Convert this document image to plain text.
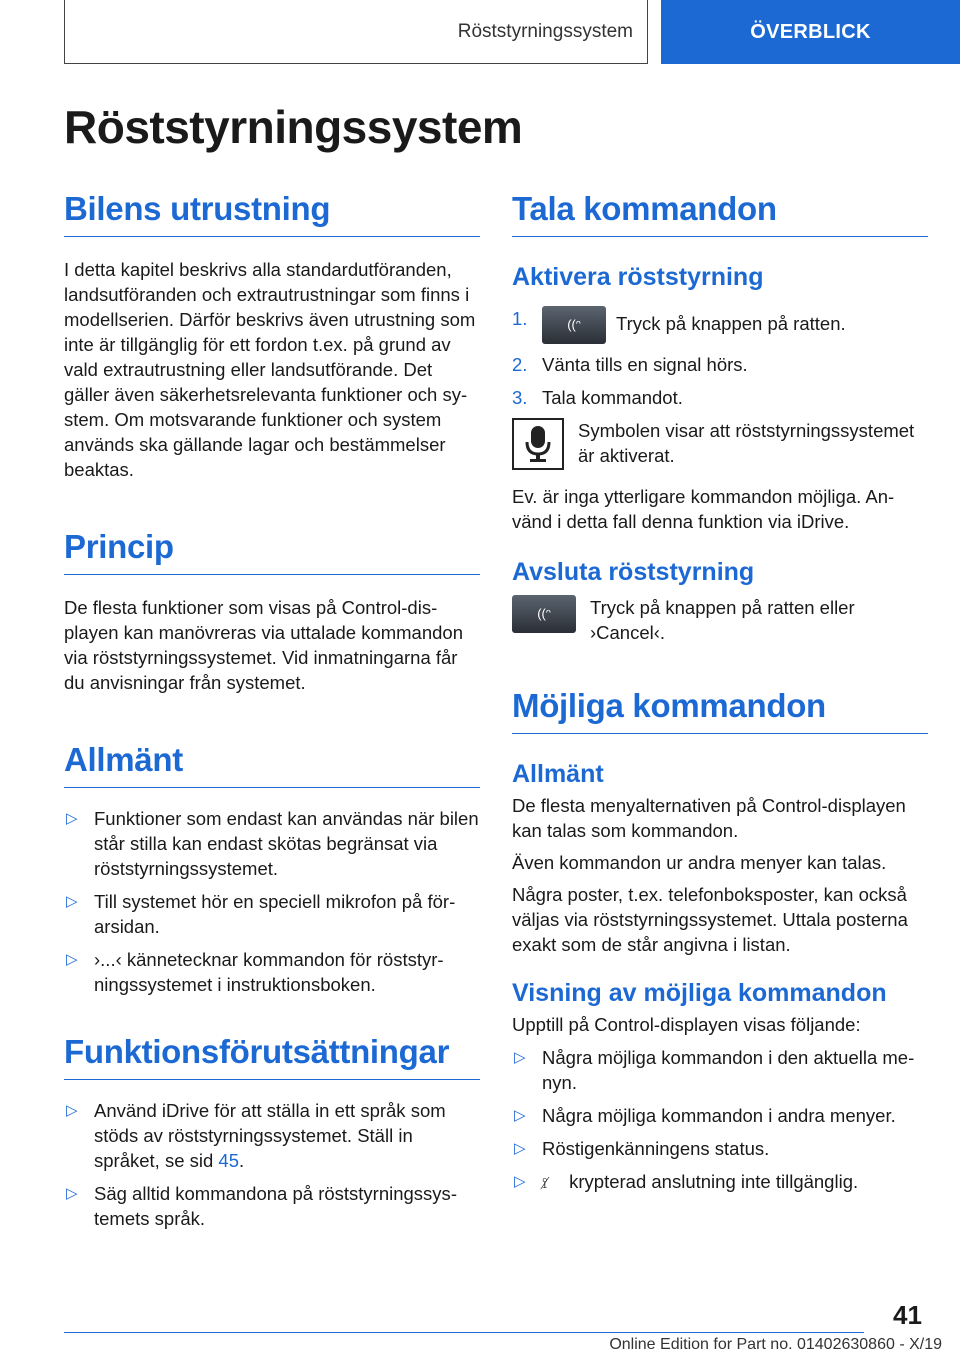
Röststyrningssystem	ÖVERBLICK
Röststyrningssystem
Bilens utrustning

I detta kapitel beskrivs alla standardutföranden, landsutföranden och extrautrustningar som finns i modellserien. Därför beskrivs även utrustning som inte är tillgänglig för ett fordon t.ex. på grund av vald extrautrustning eller landsutförande. Det gäller även säkerhetsrelevanta funktioner och system. Om motsvarande funktioner och system används ska gällande lagar och bestämmelser beaktas.

Princip

De flesta funktioner som visas på Control-displayen kan manövreras via uttalade kommandon via röststyrningssystemet. Vid inmatningarna får du anvisningar från systemet.

Allmänt
▷ Funktioner som endast kan användas när bilen står stilla kan endast skötas begränsat via röststyrningssystemet.
▷ Till systemet hör en speciell mikrofon på förarsidan.
▷ ›...‹ kännetecknar kommandon för röststyrningssystemet i instruktionsboken.
Funktionsförutsättningar
▷ Använd iDrive för att ställa in ett språk som stöds av röststyrningssystemet. Ställ in språket, se sid 45.
▷ Säg alltid kommandona på röststyrningssystemets språk.
Tala kommandon
Aktivera röststyrning
1.	((ᵔ Tryck på knappen på ratten.
2. Vänta tills en signal hörs.
3. Tala kommandot.

Symbolen visar att röststyrningssystemet är aktiverat.

Ev. är inga ytterligare kommandon möjliga. Använd i detta fall denna funktion via iDrive.

Avsluta röststyrning
((ᵔ	Tryck på knappen på ratten eller ›Cancel‹.

Möjliga kommandon
Allmänt

De flesta menyalternativen på Control-displayen kan talas som kommandon.

Även kommandon ur andra menyer kan talas.

Några poster, t.ex. telefonboksposter, kan också väljas via röststyrningssystemet. Uttala posterna exakt som de står angivna i listan.

Visning av möjliga kommandon

Upptill på Control-displayen visas följande:

▷ Några möjliga kommandon i den aktuella menyn.
▷ Några möjliga kommandon i andra menyer.
▷ Röstigenkänningens status.
▷ ⟟̸ krypterad anslutning inte tillgänglig.
41
Online Edition for Part no. 01402630860 - X/19
